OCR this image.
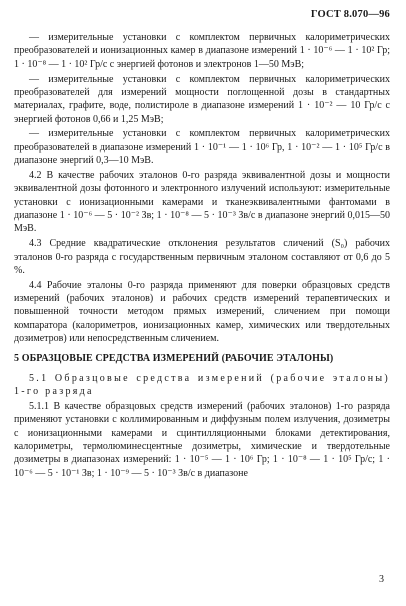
ГОСТ 8.070—96

— измерительные установки с комплектом первичных калориметрических преобразователей и ионизационных камер в диапазоне измерений 1 · 10⁻⁶ — 1 · 10² Гр; 1 · 10⁻⁸ — 1 · 10² Гр/с с энергией фотонов и электронов 1—50 МэВ;

— измерительные установки с комплектом первичных калориметрических преобразователей для измерений мощности поглощенной дозы в стандартных материалах, графите, воде, полистироле в диапазоне измерений 1 · 10⁻² — 10 Гр/с с энергией фотонов 0,66 и 1,25 МэВ;

— измерительные установки с комплектом первичных калориметрических преобразователей в диапазоне измерений 1 · 10⁻¹ — 1 · 10⁶ Гр, 1 · 10⁻² — 1 · 10⁵ Гр/с в диапазоне энергий 0,3—10 МэВ.

4.2 В качестве рабочих эталонов 0-го разряда эквивалентной дозы и мощности эквивалентной дозы фотонного и электронного излучений используют: измерительные установки с ионизационными камерами и тканеэквивалентными фантомами в диапазоне 1 · 10⁻⁶ — 5 · 10⁻² Зв; 1 · 10⁻⁸ — 5 · 10⁻³ Зв/с в диапазоне энергий 0,015—50 МэВ.

4.3 Средние квадратические отклонения результатов сличений (S₀) рабочих эталонов 0-го разряда с государственным первичным эталоном составляют от 0,6 до 5 %.

4.4 Рабочие эталоны 0-го разряда применяют для поверки образцовых средств измерений (рабочих эталонов) и рабочих средств измерений терапевтических и повышенной точности методом прямых измерений, сличением при помощи компаратора (калориметров, ионизационных камер, химических или твердотельных дозиметров) или непосредственным сличением.

5 ОБРАЗЦОВЫЕ СРЕДСТВА ИЗМЕРЕНИЙ (РАБОЧИЕ ЭТАЛОНЫ)

5.1 Образцовые средства измерений (рабочие эталоны) 1-го разряда

5.1.1 В качестве образцовых средств измерений (рабочих эталонов) 1-го разряда применяют установки с коллимированным и диффузным полем излучения, дозиметры с ионизационными камерами и сцинтилляционными блоками детектирования, калориметры, термолюминесцентные дозиметры, химические и твердотельные дозиметры в диапазонах измерений: 1 · 10⁻⁵ — 1 · 10⁶ Гр; 1 · 10⁻⁸ — 1 · 10⁵ Гр/с; 1 · 10⁻⁶ — 5 · 10⁻¹ Зв; 1 · 10⁻⁹ — 5 · 10⁻³ Зв/с в диапазоне

3
